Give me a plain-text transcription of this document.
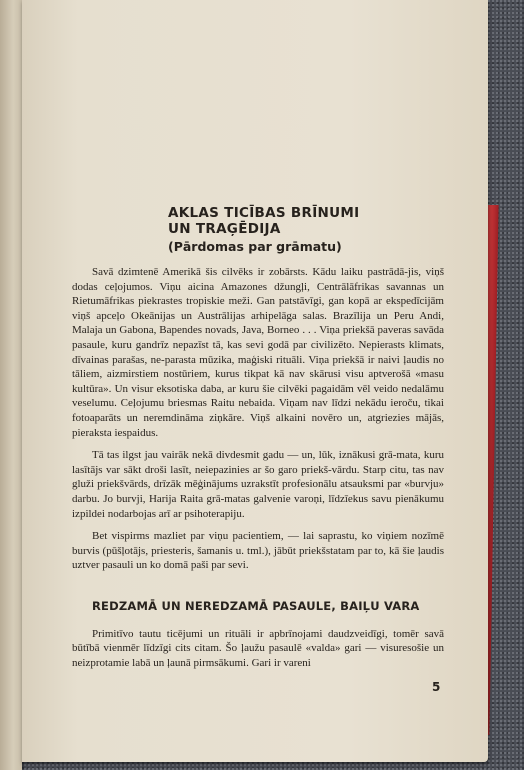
AKLAS TICĪBAS BRĪNUMI
UN TRAĢĒDIJA
(Pārdomas par grāmatu)

Savā dzimtenē Amerikā šis cilvēks ir zobārsts. Kādu laiku pastrādā-jis, viņš dodas ceļojumos. Viņu aicina Amazones džungļi, Centrālāfrikas savannas un Rietumāfrikas piekrastes tropiskie meži. Gan patstāvīgi, gan kopā ar ekspedīcijām viņš apceļo Okeānijas un Austrālijas arhipelāga salas. Brazīlija un Peru Andi, Malaja un Gabona, Bapendes novads, Java, Borneo . . . Viņa priekšā paveras savāda pasaule, kuru gandrīz nepazīst tā, kas sevi godā par civilizēto. Nepierasts klimats, dīvainas parašas, ne-parasta mūzika, maģiski rituāli. Viņa priekšā ir naivi ļaudis no tāliem, aizmirstiem nostūriem, kurus tikpat kā nav skārusi visu aptverošā «masu kultūra». Un visur eksotiska daba, ar kuru šie cilvēki pagaidām vēl veido nedalāmu veselumu. Ceļojumu briesmas Raitu nebaida. Viņam nav līdzi nekādu ieroču, tikai fotoaparāts un neremdināma ziņkāre. Viņš alkaini novēro un, atgriezies mājās, pieraksta iespaidus.

Tā tas ilgst jau vairāk nekā divdesmit gadu — un, lūk, iznākusi grā-mata, kuru lasītājs var sākt droši lasīt, neiepazinies ar šo garo priekš-vārdu. Starp citu, tas nav gluži priekšvārds, drīzāk mēģinājums uzrakstīt profesionālu atsauksmi par «burvju» darbu. Jo burvji, Harija Raita grā-matas galvenie varoņi, līdzīekus savu pienākumu izpildei nodarbojas arī ar psihoterapiju.

Bet vispirms mazliet par viņu pacientiem, — lai saprastu, ko viņiem nozīmē burvis (pūšļotājs, priesteris, šamanis u. tml.), jābūt priekšstatam par to, kā šie ļaudis uztver pasauli un ko domā paši par sevi.

REDZAMĀ UN NEREDZAMĀ PASAULE, BAIĻU VARA

Primitīvo tautu ticējumi un rituāli ir apbrīnojami daudzveidīgi, tomēr savā būtībā vienmēr līdzīgi cits citam. Šo ļaužu pasaulē «valda» gari — visuresošie un neizprotamie labā un ļaunā pirmsākumi. Gari ir vareni

5
